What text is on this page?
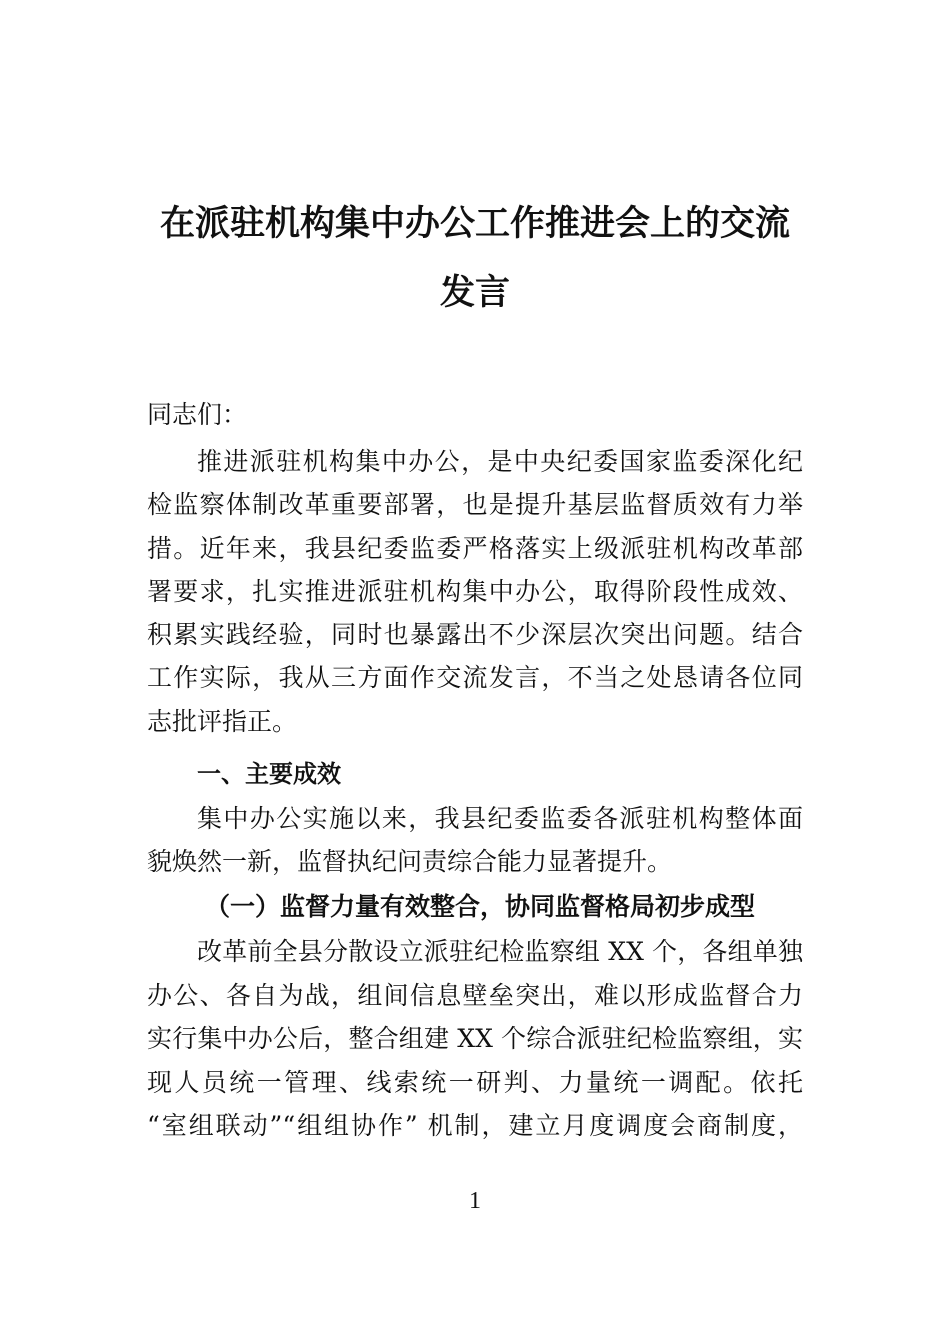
在派驻机构集中办公工作推进会上的交流
发言
同志们：
推进派驻机构集中办公，是中央纪委国家监委深化纪
检监察体制改革重要部署，也是提升基层监督质效有力举
措。近年来，我县纪委监委严格落实上级派驻机构改革部
署要求，扎实推进派驻机构集中办公，取得阶段性成效、
积累实践经验，同时也暴露出不少深层次突出问题。结合
工作实际，我从三方面作交流发言，不当之处恳请各位同
志批评指正。
一、主要成效
集中办公实施以来，我县纪委监委各派驻机构整体面
貌焕然一新，监督执纪问责综合能力显著提升。
（一）监督力量有效整合，协同监督格局初步成型
改革前全县分散设立派驻纪检监察组 XX 个，各组单独
办公、各自为战，组间信息壁垒突出，难以形成监督合力
实行集中办公后，整合组建 XX 个综合派驻纪检监察组，实
现人员统一管理、线索统一研判、力量统一调配。依托
“室组联动”“组组协作” 机制，建立月度调度会商制度，
1
